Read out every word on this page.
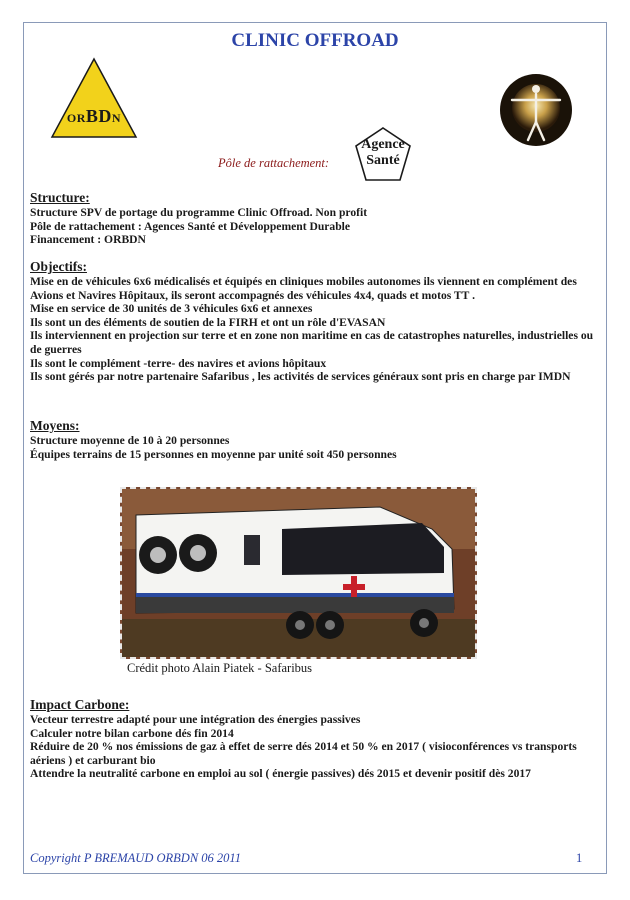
CLINIC OFFROAD
ORBDN
Pôle de rattachement:
Agence
Santé
Structure:

Structure SPV de portage du programme Clinic Offroad. Non profit

Pôle de rattachement : Agences Santé et Développement Durable

Financement : ORBDN

Objectifs:

Mise en de véhicules 6x6 médicalisés et équipés en cliniques mobiles autonomes ils viennent en complément des Avions et Navires Hôpitaux, ils seront accompagnés des véhicules 4x4, quads et motos TT .

Mise en service de 30 unités de 3 véhicules 6x6 et annexes

Ils sont un des éléments de soutien de la FIRH et ont un rôle d'EVASAN

Ils interviennent en projection sur terre et en zone non maritime en cas de catastrophes naturelles, industrielles ou de guerres

Ils sont le complément -terre- des navires et avions hôpitaux

Ils sont gérés par notre partenaire Safaribus , les activités de services généraux sont pris en charge par IMDN

Moyens:

Structure moyenne de 10 à 20 personnes

Équipes terrains de 15 personnes en moyenne par unité soit 450 personnes

Crédit photo Alain Piatek - Safaribus
Impact Carbone:

Vecteur terrestre adapté pour une intégration des énergies passives

Calculer notre bilan carbone dés fin 2014

Réduire de 20 % nos émissions de gaz à effet de serre dés 2014 et 50 % en 2017 ( visioconférences vs transports aériens ) et carburant bio

Attendre la neutralité carbone en emploi au sol ( énergie passives) dés 2015 et devenir positif dès 2017

Copyright P BREMAUD ORBDN 06 2011	1
